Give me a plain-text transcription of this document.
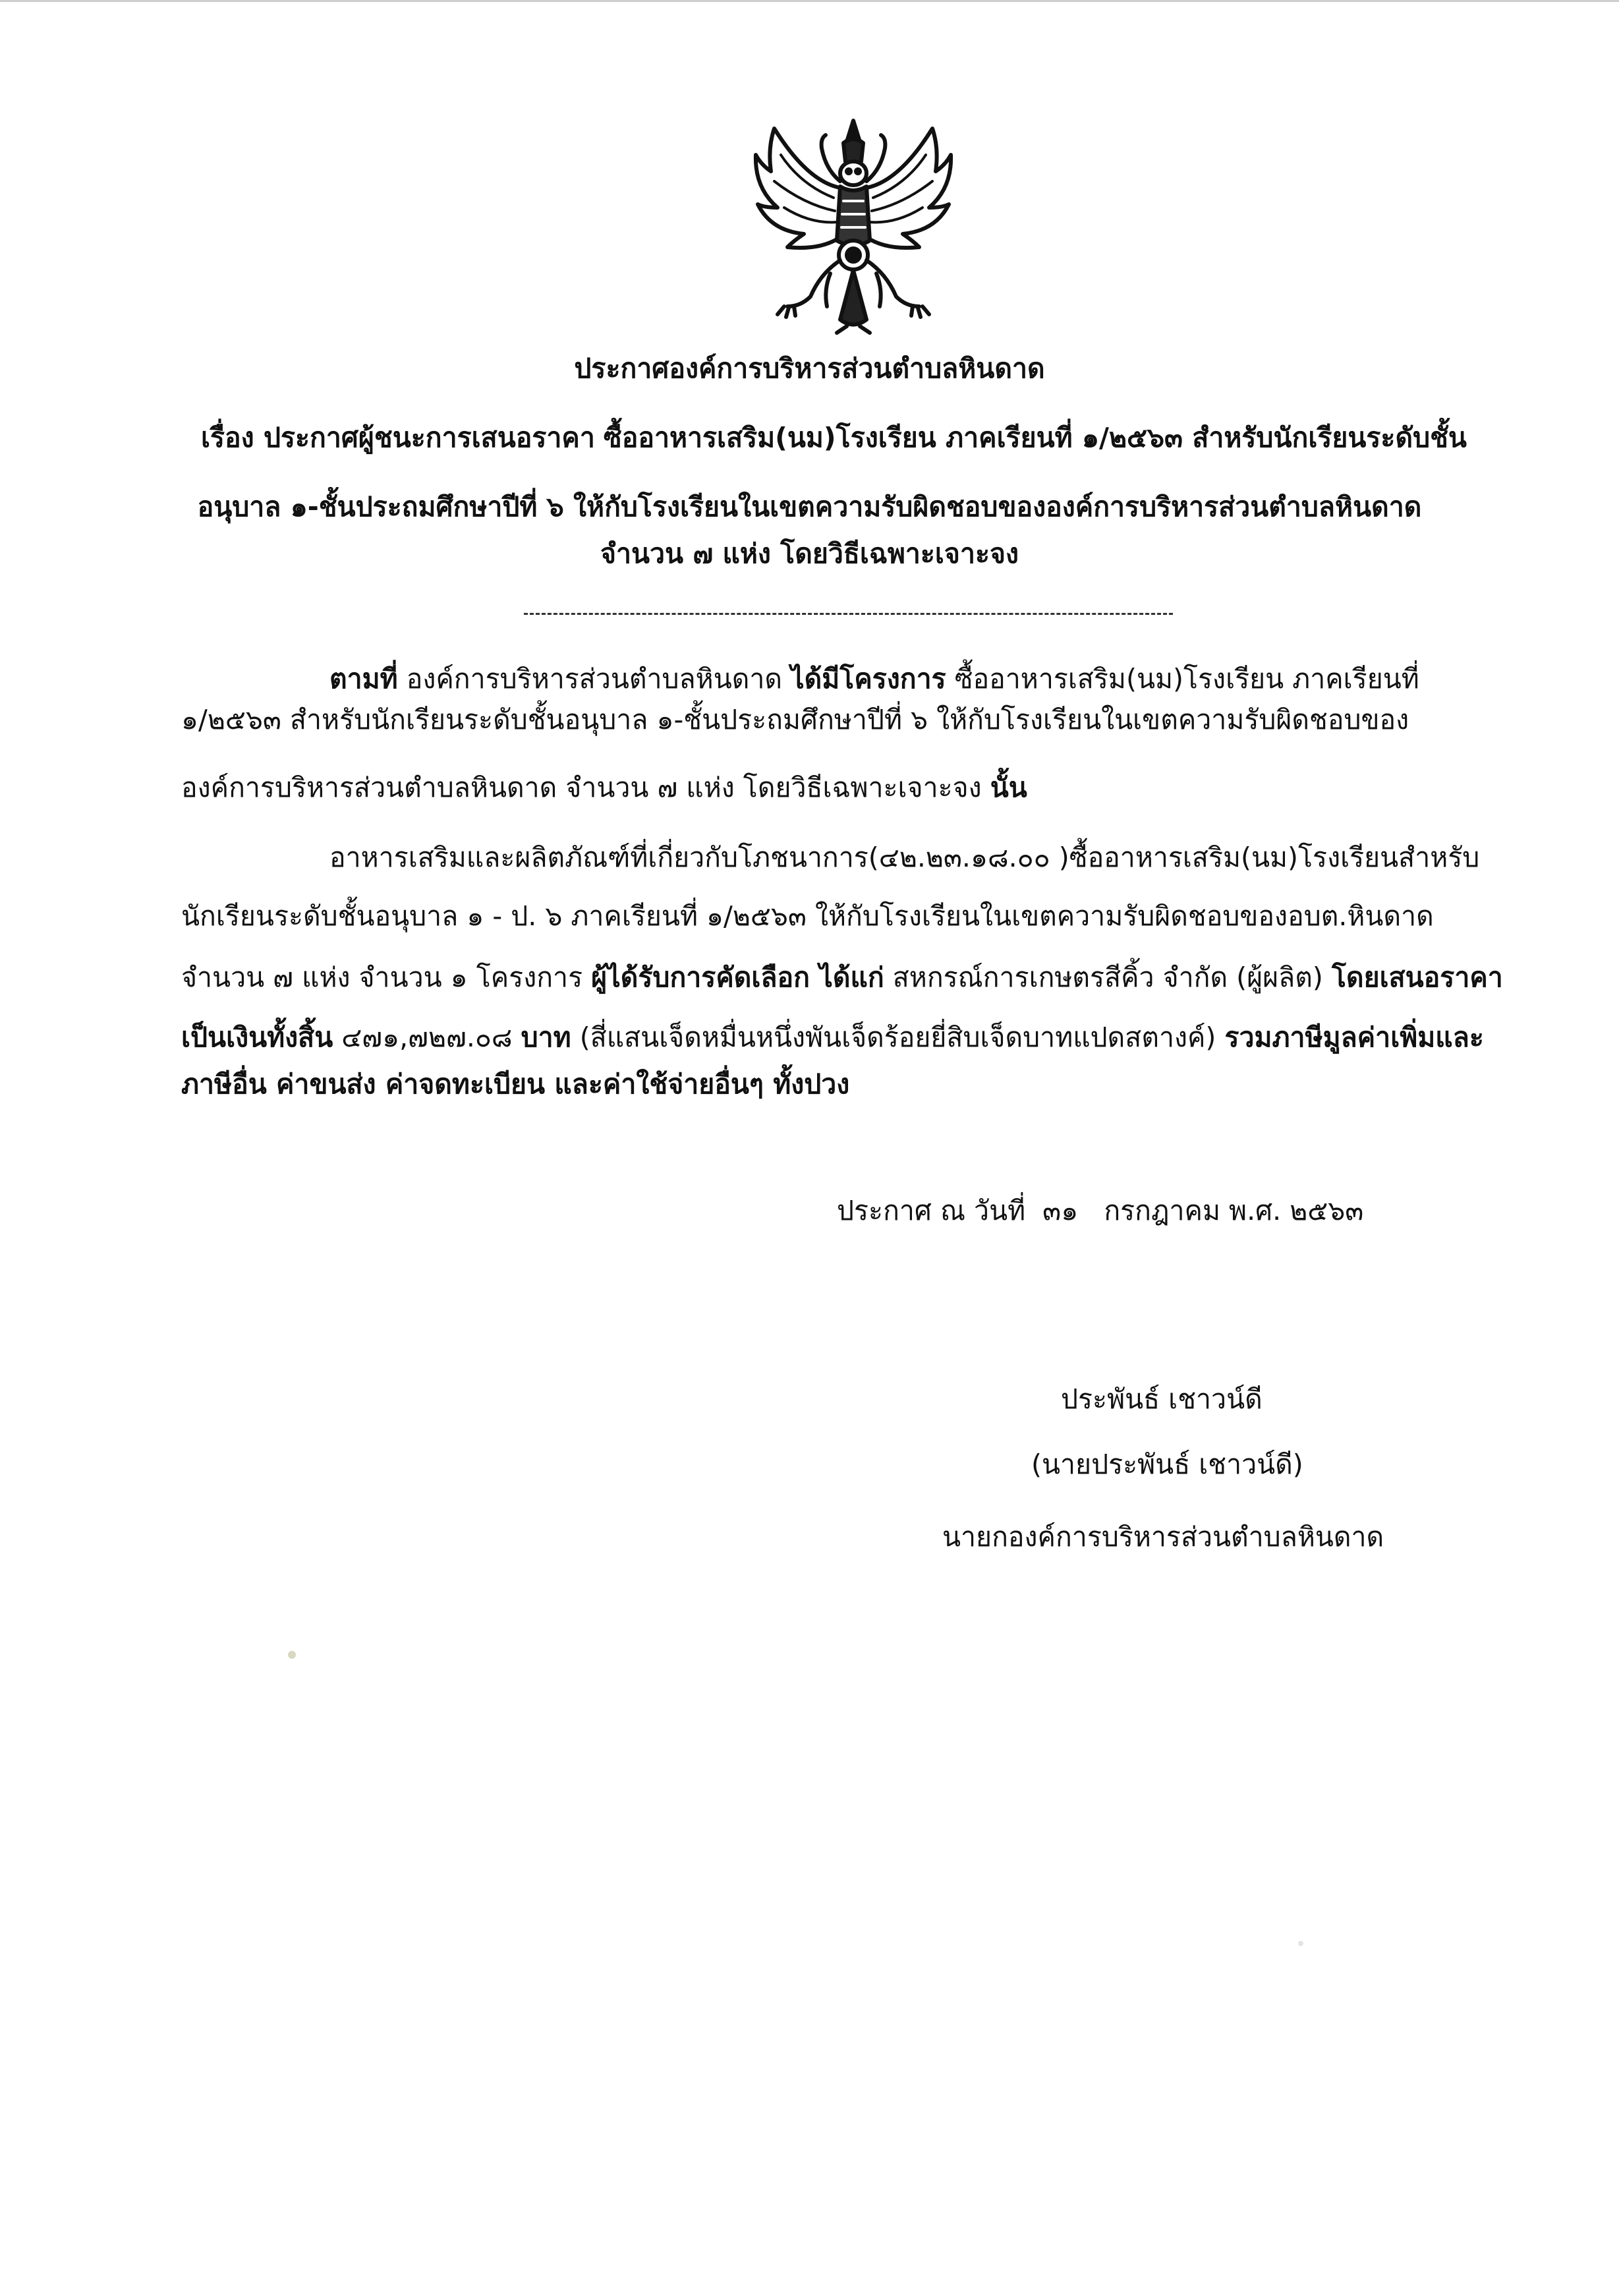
ประกาศองค์การบริหารส่วนตำบลหินดาด
เรื่อง ประกาศผู้ชนะการเสนอราคา ซื้ออาหารเสริม(นม)โรงเรียน ภาคเรียนที่ ๑/๒๕๖๓ สำหรับนักเรียนระดับชั้น
อนุบาล ๑-ชั้นประถมศึกษาปีที่ ๖ ให้กับโรงเรียนในเขตความรับผิดชอบขององค์การบริหารส่วนตำบลหินดาด
จำนวน ๗ แห่ง โดยวิธีเฉพาะเจาะจง
ตามที่ องค์การบริหารส่วนตำบลหินดาด ได้มีโครงการ ซื้ออาหารเสริม(นม)โรงเรียน ภาคเรียนที่
๑/๒๕๖๓ สำหรับนักเรียนระดับชั้นอนุบาล ๑-ชั้นประถมศึกษาปีที่ ๖ ให้กับโรงเรียนในเขตความรับผิดชอบของ
องค์การบริหารส่วนตำบลหินดาด จำนวน ๗ แห่ง โดยวิธีเฉพาะเจาะจง นั้น
อาหารเสริมและผลิตภัณฑ์ที่เกี่ยวกับโภชนาการ(๔๒.๒๓.๑๘.๐๐ )ซื้ออาหารเสริม(นม)โรงเรียนสำหรับ
นักเรียนระดับชั้นอนุบาล ๑ - ป. ๖ ภาคเรียนที่ ๑/๒๕๖๓ ให้กับโรงเรียนในเขตความรับผิดชอบของอบต.หินดาด
จำนวน ๗ แห่ง จำนวน ๑ โครงการ ผู้ได้รับการคัดเลือก ได้แก่ สหกรณ์การเกษตรสีคิ้ว จำกัด (ผู้ผลิต) โดยเสนอราคา
เป็นเงินทั้งสิ้น ๔๗๑,๗๒๗.๐๘ บาท (สี่แสนเจ็ดหมื่นหนึ่งพันเจ็ดร้อยยี่สิบเจ็ดบาทแปดสตางค์) รวมภาษีมูลค่าเพิ่มและ
ภาษีอื่น ค่าขนส่ง ค่าจดทะเบียน และค่าใช้จ่ายอื่นๆ ทั้งปวง
ประกาศ ณ วันที่  ๓๑   กรกฎาคม พ.ศ. ๒๕๖๓
ประพันธ์ เชาวน์ดี
(นายประพันธ์ เชาวน์ดี)
นายกองค์การบริหารส่วนตำบลหินดาด
